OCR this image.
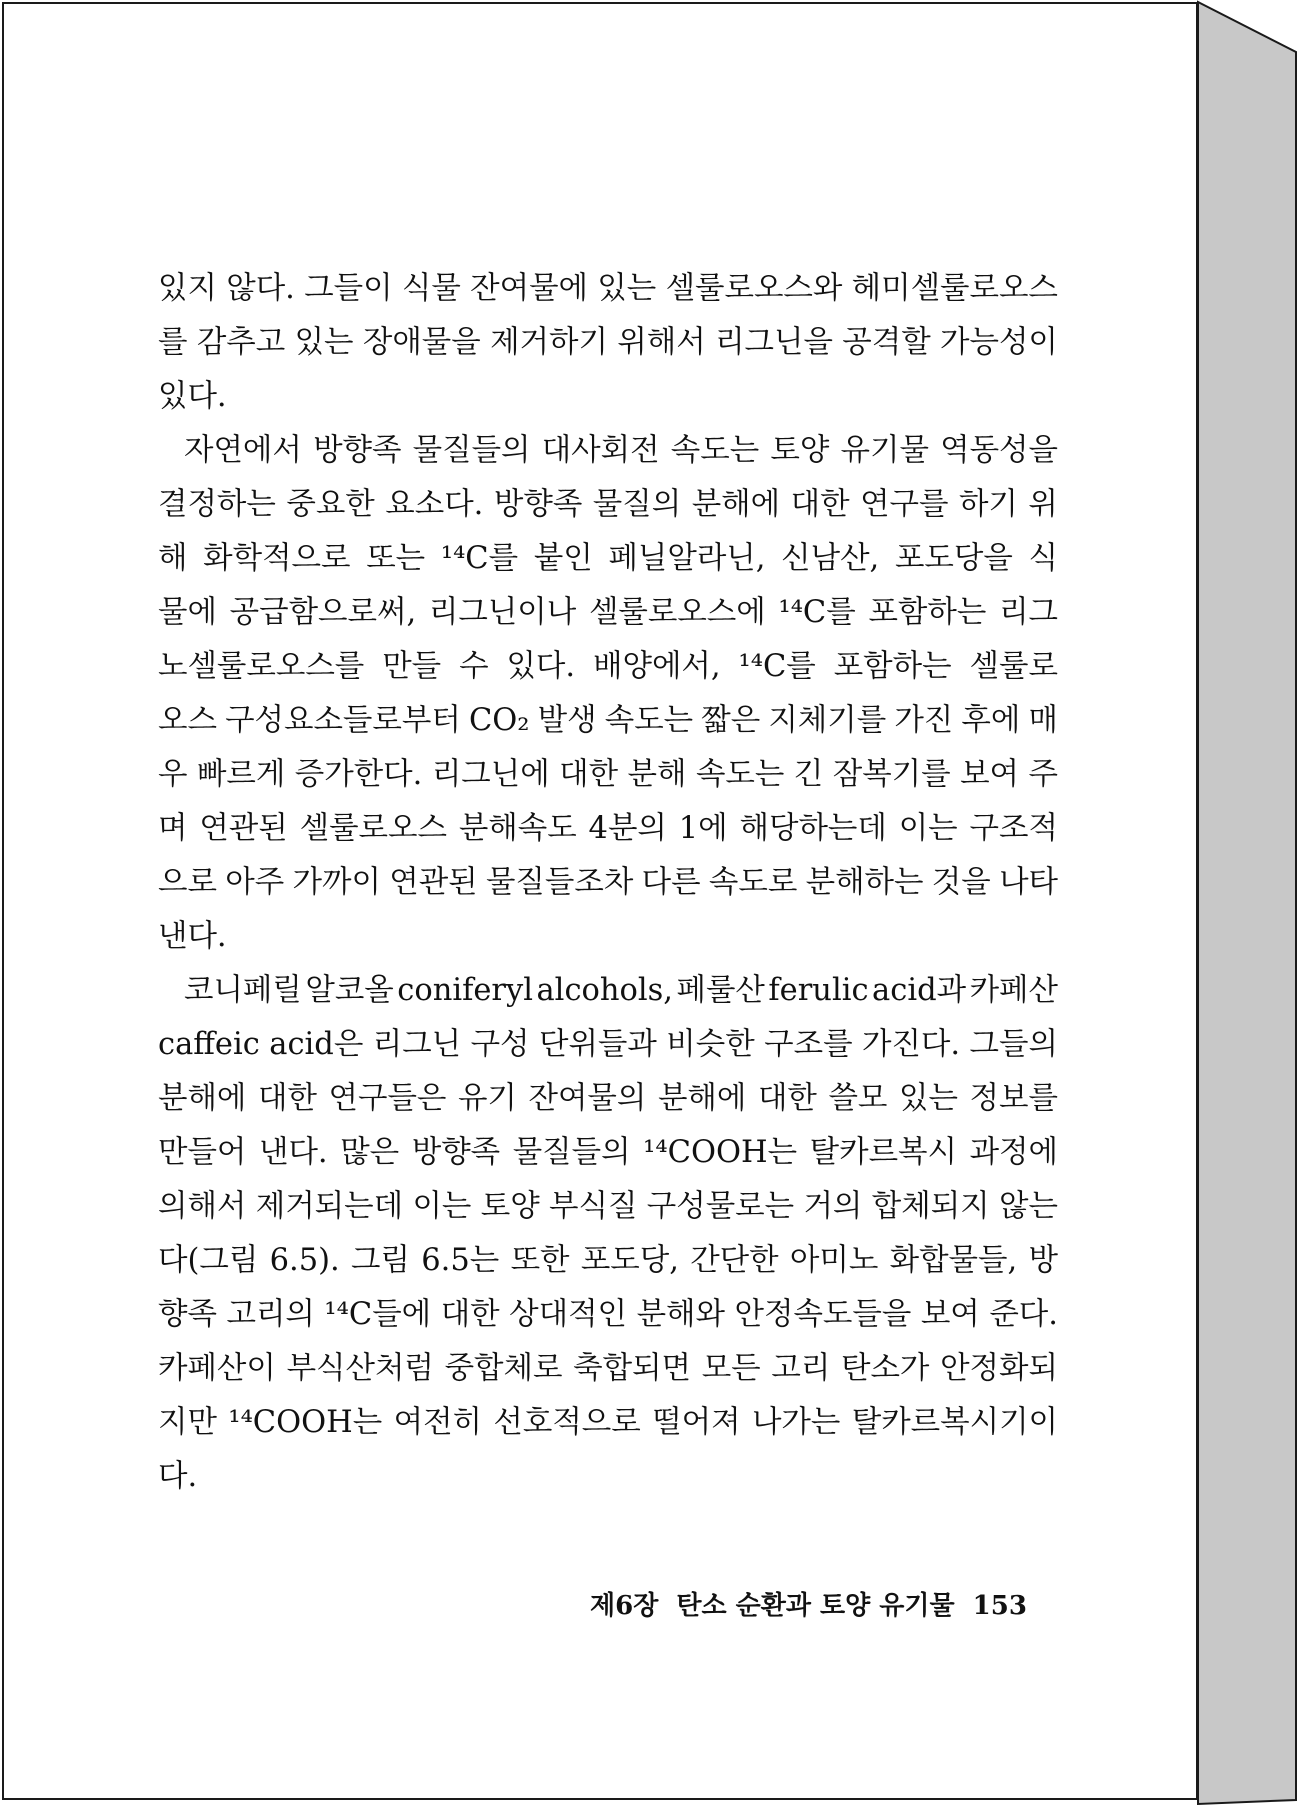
있지 않다. 그들이 식물 잔여물에 있는 셀룰로오스와 헤미셀룰로오스
를 감추고 있는 장애물을 제거하기 위해서 리그닌을 공격할 가능성이
있다.
자연에서 방향족 물질들의 대사회전 속도는 토양 유기물 역동성을
결정하는 중요한 요소다. 방향족 물질의 분해에 대한 연구를 하기 위
해 화학적으로 또는 ¹⁴C를 붙인 페닐알라닌, 신남산, 포도당을 식
물에 공급함으로써, 리그닌이나 셀룰로오스에 ¹⁴C를 포함하는 리그
노셀룰로오스를 만들 수 있다. 배양에서, ¹⁴C를 포함하는 셀룰로
오스 구성요소들로부터 CO₂ 발생 속도는 짧은 지체기를 가진 후에 매
우 빠르게 증가한다. 리그닌에 대한 분해 속도는 긴 잠복기를 보여 주
며 연관된 셀룰로오스 분해속도 4분의 1에 해당하는데 이는 구조적
으로 아주 가까이 연관된 물질들조차 다른 속도로 분해하는 것을 나타
낸다.
코니페릴 알코올 coniferyl alcohols, 페룰산 ferulic acid과 카페산
caffeic acid은 리그닌 구성 단위들과 비슷한 구조를 가진다. 그들의
분해에 대한 연구들은 유기 잔여물의 분해에 대한 쓸모 있는 정보를
만들어 낸다. 많은 방향족 물질들의 ¹⁴COOH는 탈카르복시 과정에
의해서 제거되는데 이는 토양 부식질 구성물로는 거의 합체되지 않는
다(그림 6.5). 그림 6.5는 또한 포도당, 간단한 아미노 화합물들, 방
향족 고리의 ¹⁴C들에 대한 상대적인 분해와 안정속도들을 보여 준다.
카페산이 부식산처럼 중합체로 축합되면 모든 고리 탄소가 안정화되
지만 ¹⁴COOH는 여전히 선호적으로 떨어져 나가는 탈카르복시기이
다.
제6장 탄소 순환과 토양 유기물 153
